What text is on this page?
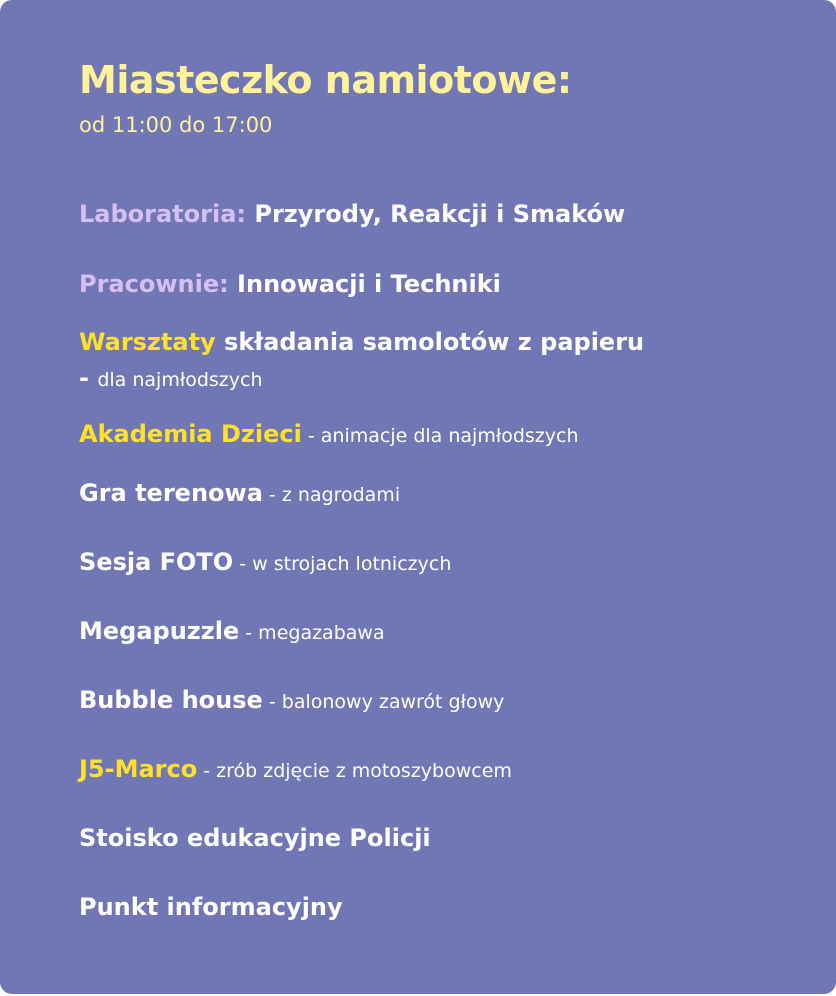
Miasteczko namiotowe:
od 11:00 do 17:00
Laboratoria: Przyrody, Reakcji i Smaków
Pracownie: Innowacji i Techniki
Warsztaty składania samolotów z papieru
- dla najmłodszych
Akademia Dzieci - animacje dla najmłodszych
Gra terenowa - z nagrodami
Sesja FOTO - w strojach lotniczych
Megapuzzle - megazabawa
Bubble house - balonowy zawrót głowy
J5-Marco - zrób zdjęcie z motoszybowcem
Stoisko edukacyjne Policji
Punkt informacyjny
